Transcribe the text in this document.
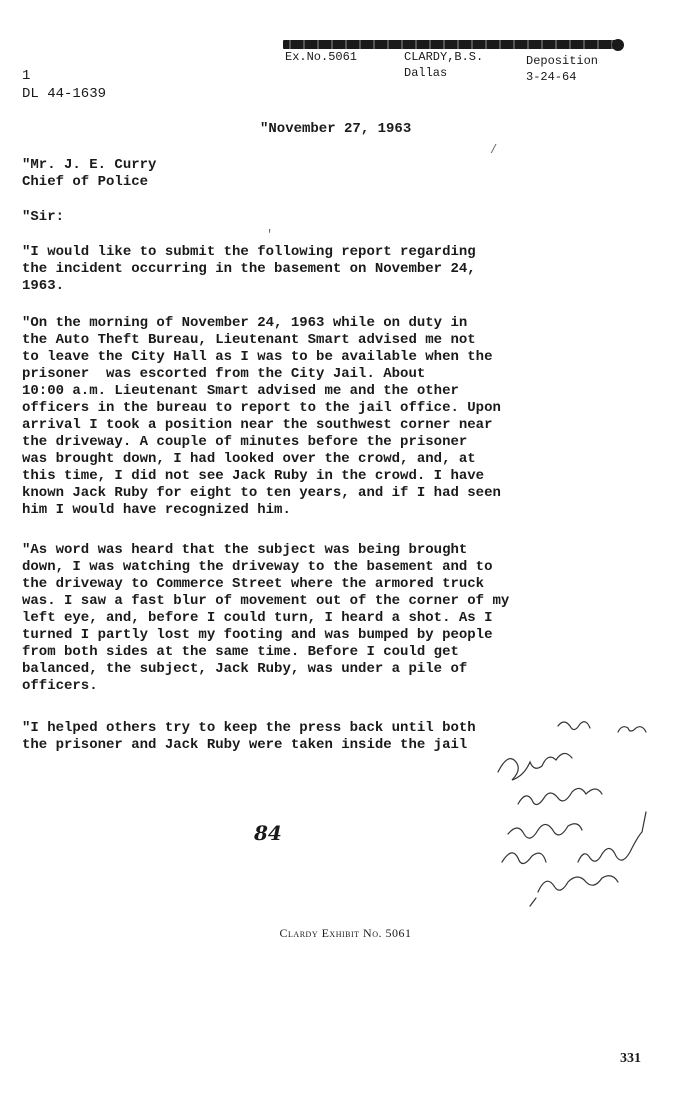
Ex.No.5061	CLARDY,B.S.
Dallas
Deposition
3-24-64
1
DL 44-1639
"November 27, 1963
"Mr. J. E. Curry
Chief of Police
"Sir:
"I would like to submit the following report regarding
the incident occurring in the basement on November 24,
1963.
"On the morning of November 24, 1963 while on duty in
the Auto Theft Bureau, Lieutenant Smart advised me not
to leave the City Hall as I was to be available when the
prisoner  was escorted from the City Jail. About
10:00 a.m. Lieutenant Smart advised me and the other
officers in the bureau to report to the jail office. Upon
arrival I took a position near the southwest corner near
the driveway. A couple of minutes before the prisoner
was brought down, I had looked over the crowd, and, at
this time, I did not see Jack Ruby in the crowd. I have
known Jack Ruby for eight to ten years, and if I had seen
him I would have recognized him.
"As word was heard that the subject was being brought
down, I was watching the driveway to the basement and to
the driveway to Commerce Street where the armored truck
was. I saw a fast blur of movement out of the corner of my
left eye, and, before I could turn, I heard a shot. As I
turned I partly lost my footing and was bumped by people
from both sides at the same time. Before I could get
balanced, the subject, Jack Ruby, was under a pile of
officers.
"I helped others try to keep the press back until both
the prisoner and Jack Ruby were taken inside the jail
/
'
84
Clardy Exhibit No. 5061
331
